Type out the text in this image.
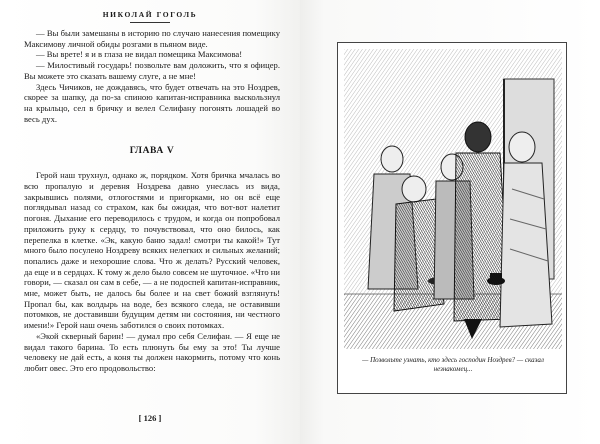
НИКОЛАЙ ГОГОЛЬ

— Вы были замешаны в историю по случаю нанесения помещику Максимову личной обиды розгами в пьяном виде.

— Вы врете! я и в глаза не видал помещика Максимова!

— Милостивый государь! позвольте вам доложить, что я офицер. Вы можете это сказать вашему слуге, а не мне!

Здесь Чичиков, не дождавясь, что будет отвечать на это Ноздрев, скорее за шапку, да по-за спиною капитан-исправника выскользнул на крыльцо, сел в бричку и велел Селифану погонять лошадей во весь дух.

ГЛАВА V

Герой наш трухнул, однако ж, порядком. Хотя бричка мчалась во всю пропалую и деревня Ноздрева давно унеслась из вида, закрывшись полями, отлогостями и пригорками, но он всё еще поглядывал назад со страхом, как бы ожидая, что вот-вот налетит погоня. Дыхание его переводилось с трудом, и когда он попробовал приложить руку к сердцу, то почувствовал, что оно билось, как перепелка в клетке. «Эк, какую баню задал! смотри ты какой!» Тут много было посулено Ноздреву всяких нелегких и сильных желаний; попались даже и нехорошие слова. Что ж делать? Русский человек, да еще и в сердцах. К тому ж дело было совсем не шуточное. «Что ни говори, — сказал он сам в себе, — а не подоспей капитан-исправник, мне, может быть, не далось бы более и на свет божий взглянуть! Пропал бы, как волдырь на воде, без всякого следа, не оставивши потомков, не доставивши будущим детям ни состояния, ни честного имени!» Герой наш очень заботился о своих потомках.

«Экой скверный барин! — думал про себя Селифан. — Я еще не видал такого барина. То есть плюнуть бы ему за это! Ты лучше человеку не дай есть, а коня ты должен накормить, потому что конь любит овес. Это его продовольство:

[ 126 ]
— Позвольте узнать, кто здесь господин Ноздрев? — сказал незнакомец...
